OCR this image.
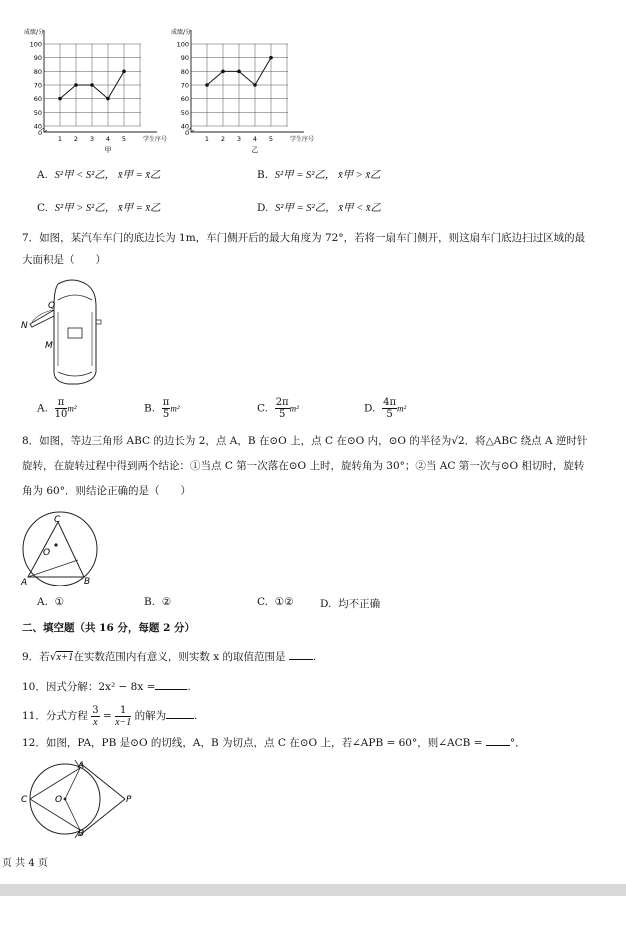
100
90
80
70
60
50
40
0
成绩/分
学生序号
1 2 3 4 5
甲
100
90
80
70
60
50
40
0
成绩/分
学生序号
1 2 3 4 5
乙
A. S²甲 < S²乙， x̄甲 = x̄乙	B. S²甲 = S²乙， x̄甲 > x̄乙
C. S²甲 > S²乙， x̄甲 = x̄乙	D. S²甲 = S²乙， x̄甲 < x̄乙
7．如图，某汽车车门的底边长为 1m，车门侧开后的最大角度为 72°，若将一扇车门侧开，则这扇车门底边扫过区域的最
大面积是（　　）
Q
N
M
A. $\frac{\pi}{10} m^2$	B. $\frac{\pi}{5} m^2$	C. $\frac{2\pi}{5} m^2$	D. $\frac{4\pi}{5} m^2$
8．如图，等边三角形 ABC 的边长为 2，点 A，B 在⊙O 上，点 C 在⊙O 内，⊙O 的半径为√2．将△ABC 绕点 A 逆时针
旋转，在旋转过程中得到两个结论：①当点 C 第一次落在⊙O 上时，旋转角为 30°；②当 AC 第一次与⊙O 相切时，旋转
角为 60°．则结论正确的是（　　）
A	B
C
O
A. ①	B. ②	C. ①②	D. 均不正确
二、填空题（共 16 分，每题 2 分）
9．若√x+1在实数范围内有意义，则实数 x 的取值范围是	.
10．因式分解：2x² − 8x =	.
11．分式方程 $\frac{3}{x} = \frac{1}{x-1}$ 的解为	.
12．如图，PA，PB 是⊙O 的切线，A，B 为切点，点 C 在⊙O 上，若∠APB = 60°，则∠ACB =	°．
A
B
C	O	P
页 共 4 页
